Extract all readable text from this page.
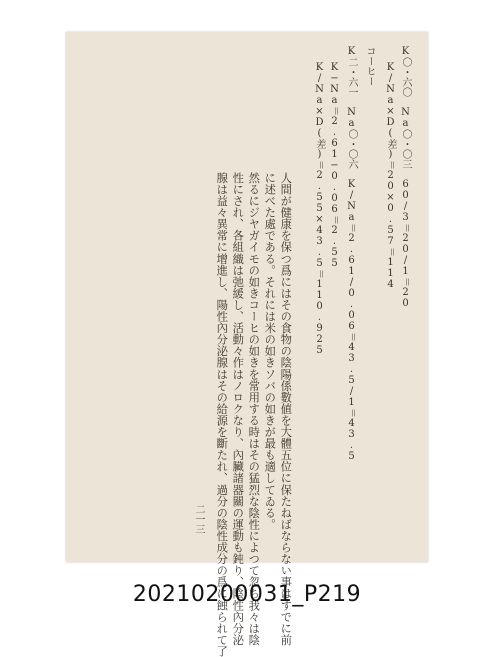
K〇・六〇　Na〇・〇三　60/3＝20/1＝20
K/Na×D(差)＝20×0.57＝114
コーヒー
K二・六一　Na〇・〇六　K/Na＝2.61/0.06＝43.5/1＝43.5
K−Na＝2.61−0.06＝2.55
K/Na×D(差)＝2.55×43.5＝110.925
人間が健康を保つ爲にはその食物の陰陽係數値を大體五位に保たねばならない事はすでに前
に述べた處である。それには米の如きソバの如きが最も適してゐる。
然るにジヤガイモの如きコーヒの如きを常用する時はその猛烈な陰性によつて忽ち我々は陰
性にされ、各組織は弛緩し、活動々作はノロクなり、內臟諸器關の運動も鈍り、陰性內分泌
腺は益々異常に增進し、陽性內分泌腺はその給源を斷たれ、過分の陰性成分の爲に蝕られて了
二一三
20210200031_P219
